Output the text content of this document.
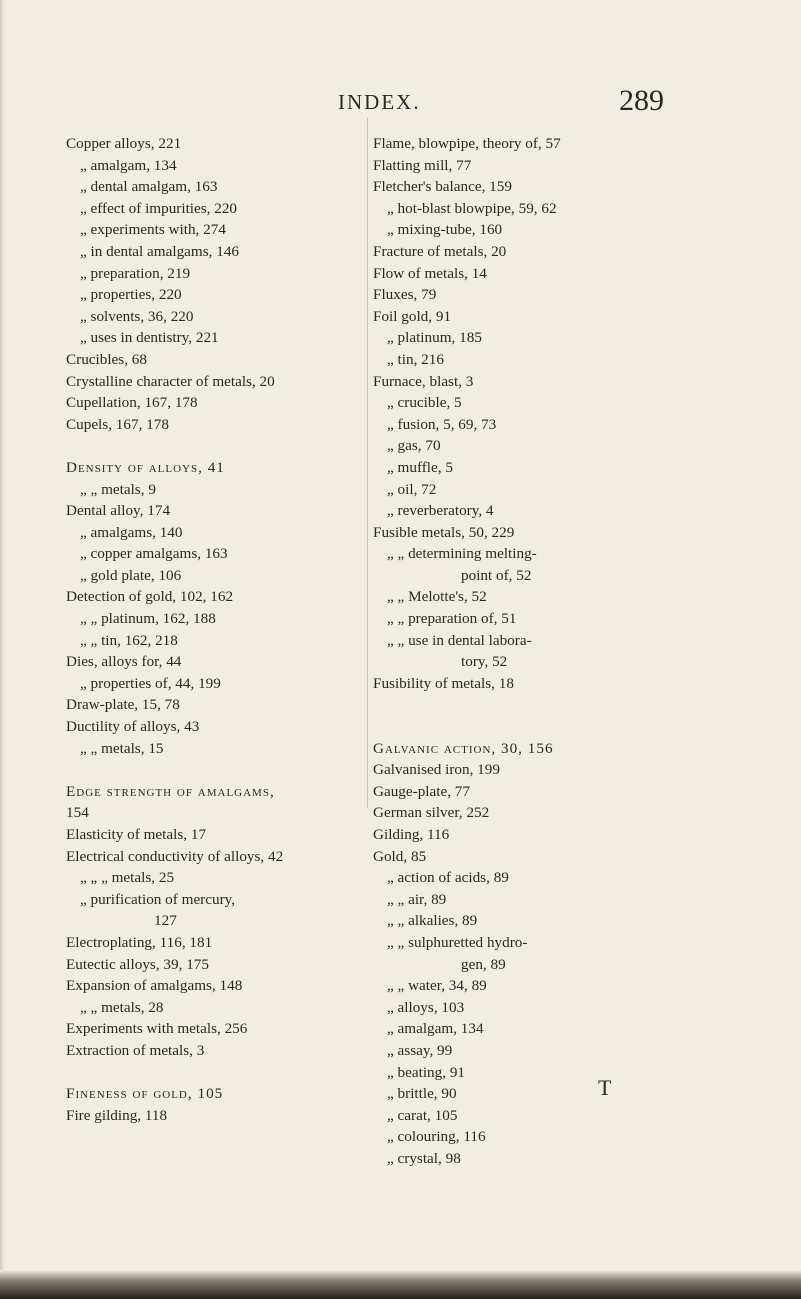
INDEX.	289
Copper alloys, 221
„ amalgam, 134
„ dental amalgam, 163
„ effect of impurities, 220
„ experiments with, 274
„ in dental amalgams, 146
„ preparation, 219
„ properties, 220
„ solvents, 36, 220
„ uses in dentistry, 221
Crucibles, 68
Crystalline character of metals, 20
Cupellation, 167, 178
Cupels, 167, 178
Density of alloys, 41
„ „ metals, 9
Dental alloy, 174
„ amalgams, 140
„ copper amalgams, 163
„ gold plate, 106
Detection of gold, 102, 162
„ „ platinum, 162, 188
„ „ tin, 162, 218
Dies, alloys for, 44
„ properties of, 44, 199
Draw-plate, 15, 78
Ductility of alloys, 43
„ „ metals, 15
Edge strength of amalgams,
154
Elasticity of metals, 17
Electrical conductivity of alloys, 42
„ „ „ metals, 25
„ purification of mercury,
127
Electroplating, 116, 181
Eutectic alloys, 39, 175
Expansion of amalgams, 148
„ „ metals, 28
Experiments with metals, 256
Extraction of metals, 3
Fineness of gold, 105
Fire gilding, 118
Flame, blowpipe, theory of, 57
Flatting mill, 77
Fletcher's balance, 159
„ hot-blast blowpipe, 59, 62
„ mixing-tube, 160
Fracture of metals, 20
Flow of metals, 14
Fluxes, 79
Foil gold, 91
„ platinum, 185
„ tin, 216
Furnace, blast, 3
„ crucible, 5
„ fusion, 5, 69, 73
„ gas, 70
„ muffle, 5
„ oil, 72
„ reverberatory, 4
Fusible metals, 50, 229
„ „ determining melting-
point of, 52
„ „ Melotte's, 52
„ „ preparation of, 51
„ „ use in dental labora-
tory, 52
Fusibility of metals, 18
Galvanic action, 30, 156
Galvanised iron, 199
Gauge-plate, 77
German silver, 252
Gilding, 116
Gold, 85
„ action of acids, 89
„ „ air, 89
„ „ alkalies, 89
„ „ sulphuretted hydro-
gen, 89
„ „ water, 34, 89
„ alloys, 103
„ amalgam, 134
„ assay, 99
„ beating, 91
„ brittle, 90
„ carat, 105
„ colouring, 116
„ crystal, 98
T
